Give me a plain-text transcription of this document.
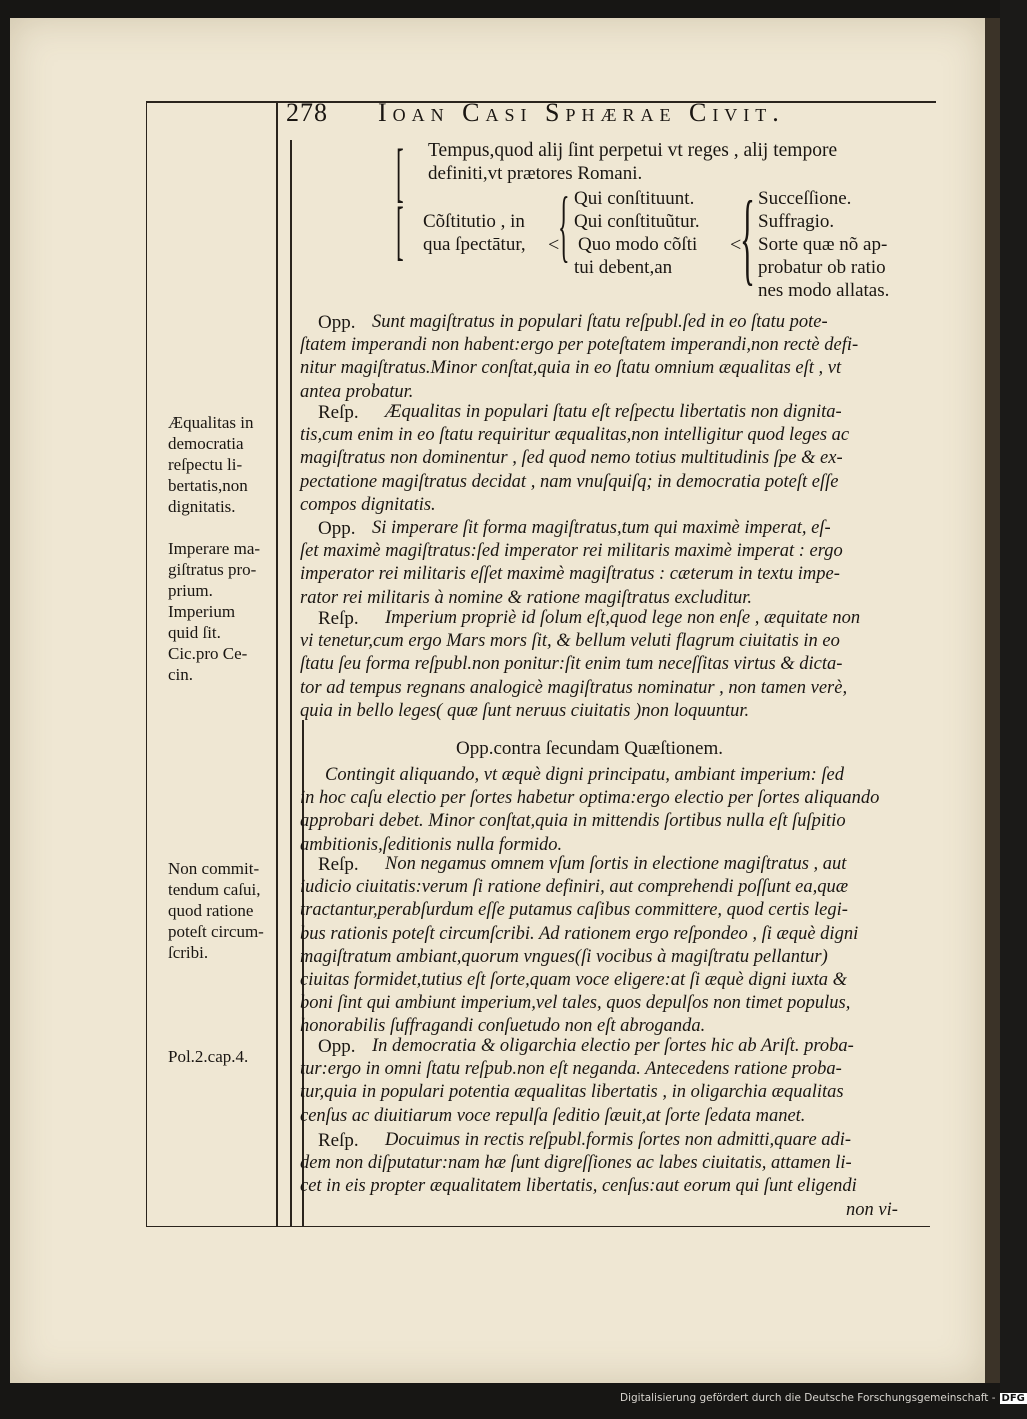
278 Ioan Casi Sphærae Civit.
[
[
Tempus,quod alij ſint perpetui vt reges , alij tempore
definiti,vt prætores Romani.
Cõſtitutio , in
qua ſpectātur, <
{ Qui conſtituunt.
Qui conſtituũtur.
Quo modo cõſti
tui debent,an
<
{ Succeſſione.
Suffragio.
Sorte quæ nõ ap-
probatur ob ratio
nes modo allatas.
Opp. Sunt magiſtratus in populari ſtatu reſpubl.ſed in eo ſtatu pote-
ſtatem imperandi non habent:ergo per poteſtatem imperandi,non rectè defi-
nitur magiſtratus.Minor conſtat,quia in eo ſtatu omnium æqualitas eſt , vt
antea probatur.
Reſp. Æqualitas in populari ſtatu eſt reſpectu libertatis non dignita-
tis,cum enim in eo ſtatu requiritur æqualitas,non intelligitur quod leges ac
magiſtratus non dominentur , ſed quod nemo totius multitudinis ſpe & ex-
pectatione magiſtratus decidat , nam vnuſquiſq; in democratia poteſt eſſe
compos dignitatis.
Opp. Si imperare ſit forma magiſtratus,tum qui maximè imperat, eſ-
ſet maximè magiſtratus:ſed imperator rei militaris maximè imperat : ergo
imperator rei militaris eſſet maximè magiſtratus : cæterum in textu impe-
rator rei militaris à nomine & ratione magiſtratus excluditur.
Reſp. Imperium propriè id ſolum eſt,quod lege non enſe , æquitate non
vi tenetur,cum ergo Mars mors ſit, & bellum veluti flagrum ciuitatis in eo
ſtatu ſeu forma reſpubl.non ponitur:ſit enim tum neceſſitas virtus & dicta-
tor ad tempus regnans analogicè magiſtratus nominatur , non tamen verè,
quia in bello leges( quæ ſunt neruus ciuitatis )non loquuntur.
Contingit aliquando, vt æquè digni principatu, ambiant imperium: ſed
in hoc caſu electio per ſortes habetur optima:ergo electio per ſortes aliquando
approbari debet. Minor conſtat,quia in mittendis ſortibus nulla eſt ſuſpitio
ambitionis,ſeditionis nulla formido.
Reſp. Non negamus omnem vſum ſortis in electione magiſtratus , aut
iudicio ciuitatis:verum ſi ratione definiri, aut comprehendi poſſunt ea,quæ
tractantur,perabſurdum eſſe putamus caſibus committere, quod certis legi-
bus rationis poteſt circumſcribi. Ad rationem ergo reſpondeo , ſi æquè digni
magiſtratum ambiant,quorum vngues(ſi vocibus à magiſtratu pellantur)
ciuitas formidet,tutius eſt ſorte,quam voce eligere:at ſi æquè digni iuxta &
boni ſint qui ambiunt imperium,vel tales, quos depulſos non timet populus,
honorabilis ſuffragandi conſuetudo non eſt abroganda.
Opp. In democratia & oligarchia electio per ſortes hic ab Ariſt. proba-
tur:ergo in omni ſtatu reſpub.non eſt neganda. Antecedens ratione proba-
tur,quia in populari potentia æqualitas libertatis , in oligarchia æqualitas
cenſus ac diuitiarum voce repulſa ſeditio ſæuit,at ſorte ſedata manet.
Reſp. Docuimus in rectis reſpubl.formis ſortes non admitti,quare adi-
dem non diſputatur:nam hæ ſunt digreſſiones ac labes ciuitatis, attamen li-
cet in eis propter æqualitatem libertatis, cenſus:aut eorum qui ſunt eligendi
Opp.contra ſecundam Quæſtionem.
non vi-
Æqualitas in
democratia
reſpectu li-
bertatis,non
dignitatis.
Imperare ma-
giſtratus pro-
prium.
Imperium
quid ſit.
Cic.pro Ce-
cin.
Non commit-
tendum caſui,
quod ratione
poteſt circum-
ſcribi.
Pol.2.cap.4.
Digitalisierung gefördert durch die Deutsche Forschungsgemeinschaft - DFG
